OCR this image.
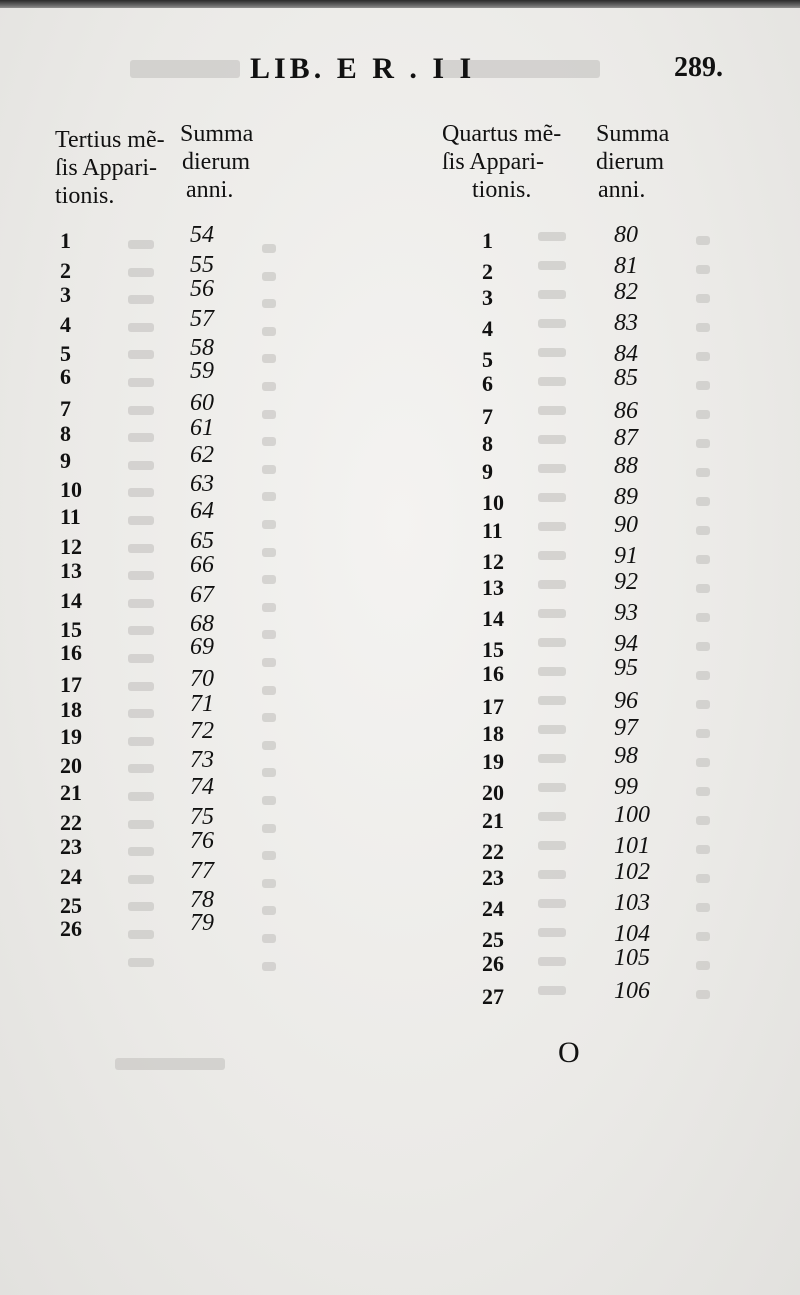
LIB. E R . I I	289.
Tertius mẽ-
ſis Appari-
tionis.
Summa
dierum
anni.
Quartus mẽ-
ſis Appari-
tionis.
Summa
dierum
anni.
1	54
2	55
3	56
4	57
5	58
6	59
7	60
8	61
9	62
10	63
11	64
12	65
13	66
14	67
15	68
16	69
17	70
18	71
19	72
20	73
21	74
22	75
23	76
24	77
25	78
26	79
1	80
2	81
3	82
4	83
5	84
6	85
7	86
8	87
9	88
10	89
11	90
12	91
13	92
14	93
15	94
16	95
17	96
18	97
19	98
20	99
21	100
22	101
23	102
24	103
25	104
26	105
27	106
O
